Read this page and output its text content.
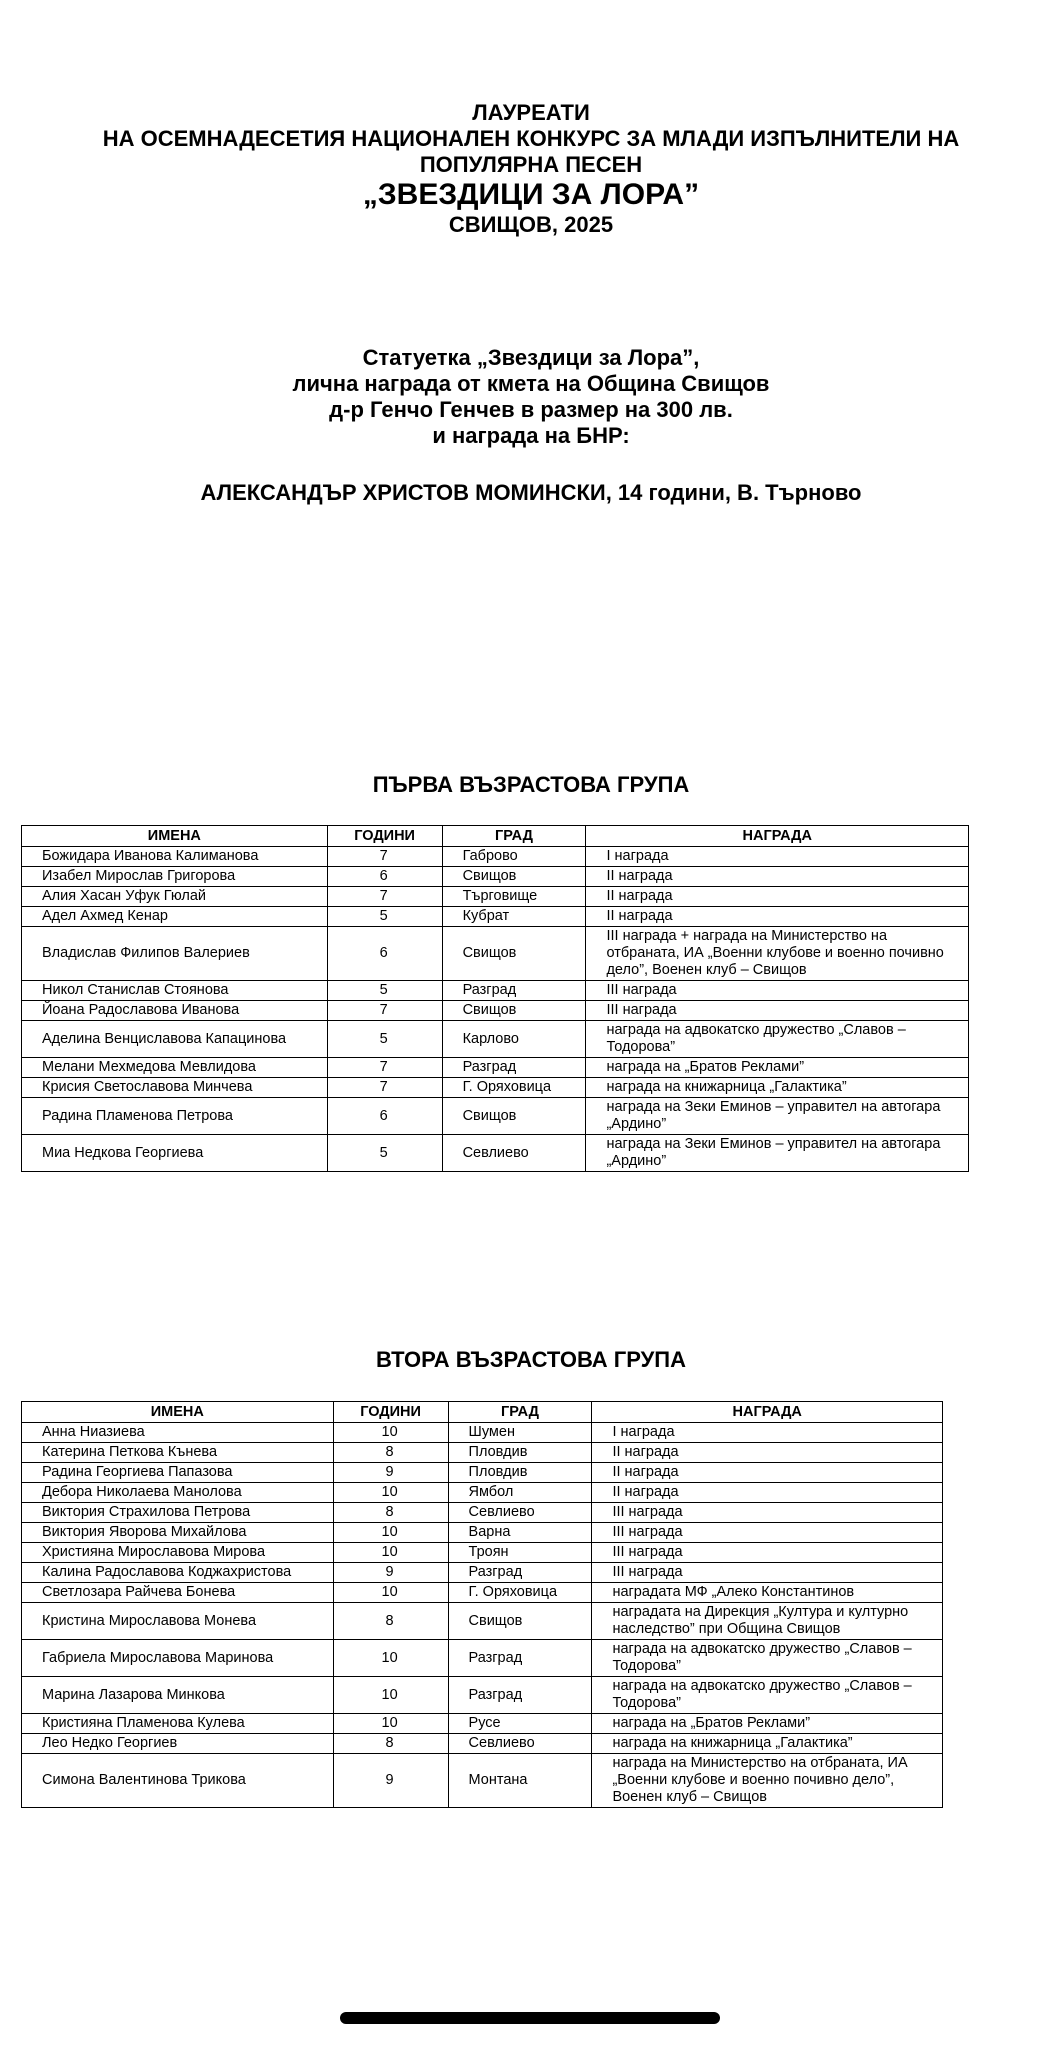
ЛАУРЕАТИ
НА ОСЕМНАДЕСЕТИЯ НАЦИОНАЛЕН КОНКУРС ЗА МЛАДИ ИЗПЪЛНИТЕЛИ НА
ПОПУЛЯРНА ПЕСЕН
„ЗВЕЗДИЦИ ЗА ЛОРА”
СВИЩОВ, 2025
Статуетка „Звездици за Лора”,
лична награда от кмета на Община Свищов
д-р Генчо Генчев в размер на 300 лв.
и награда на БНР:
АЛЕКСАНДЪР ХРИСТОВ МОМИНСКИ, 14 години, В. Търново
ПЪРВА ВЪЗРАСТОВА ГРУПА
ИМЕНА	ГОДИНИ	ГРАД	НАГРАДА
Божидара Иванова Калиманова	7	Габрово	I награда
Изабел Мирослав Григорова	6	Свищов	II награда
Алия Хасан Уфук Гюлай	7	Търговище	II награда
Адел Ахмед Кенар	5	Кубрат	II награда
Владислав Филипов Валериев	6	Свищов	III награда + награда на Министерство на отбраната, ИА „Военни клубове и военно почивно дело”, Военен клуб – Свищов
Никол Станислав Стоянова	5	Разград	III награда
Йоана Радославова Иванова	7	Свищов	III награда
Аделина Венциславова Капацинова	5	Карлово	награда на адвокатско дружество „Славов – Тодорова”
Мелани Мехмедова Мевлидова	7	Разград	награда на „Братов Реклами”
Крисия Светославова Минчева	7	Г. Оряховица	награда на книжарница „Галактика”
Радина Пламенова Петрова	6	Свищов	награда на Зеки Еминов – управител на автогара „Ардино”
Миа Недкова Георгиева	5	Севлиево	награда на Зеки Еминов – управител на автогара „Ардино”
ВТОРА ВЪЗРАСТОВА ГРУПА
ИМЕНА	ГОДИНИ	ГРАД	НАГРАДА
Анна Ниазиева	10	Шумен	I награда
Катерина Петкова Кънева	8	Пловдив	II награда
Радина Георгиева Папазова	9	Пловдив	II награда
Дебора Николаева Манолова	10	Ямбол	II награда
Виктория Страхилова Петрова	8	Севлиево	III награда
Виктория Яворова Михайлова	10	Варна	III награда
Християна Мирославова Мирова	10	Троян	III награда
Калина Радославова Коджахристова	9	Разград	III награда
Светлозара Райчева Бонева	10	Г. Оряховица	наградата МФ „Алеко Константинов
Кристина Мирославова Монева	8	Свищов	наградата на Дирекция „Култура и културно наследство” при Община Свищов
Габриела Мирославова Маринова	10	Разград	награда на адвокатско дружество „Славов – Тодорова”
Марина Лазарова Минкова	10	Разград	награда на адвокатско дружество „Славов – Тодорова”
Кристияна Пламенова Кулева	10	Русе	награда на „Братов Реклами”
Лео Недко Георгиев	8	Севлиево	награда на книжарница „Галактика”
Симона Валентинова Трикова	9	Монтана	награда на Министерство на отбраната, ИА „Военни клубове и военно почивно дело”, Военен клуб – Свищов
